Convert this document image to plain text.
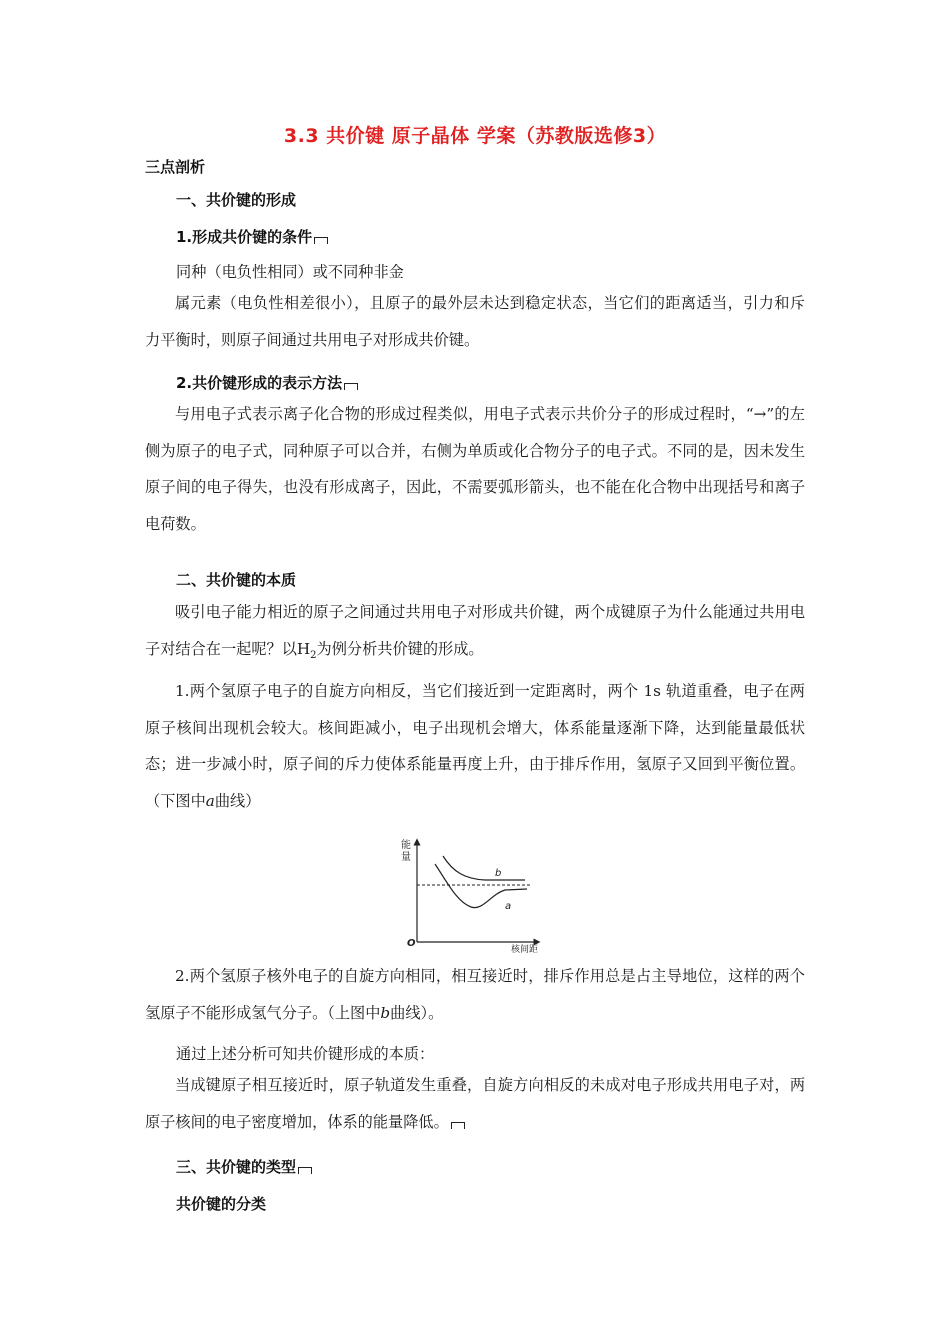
3.3 共价键 原子晶体 学案（苏教版选修3）
三点剖析
一、共价键的形成
1.形成共价键的条件
同种（电负性相同）或不同种非金
属元素（电负性相差很小），且原子的最外层未达到稳定状态，当它们的距离适当，引力和斥力平衡时，则原子间通过共用电子对形成共价键。
2.共价键形成的表示方法
与用电子式表示离子化合物的形成过程类似，用电子式表示共价分子的形成过程时，“→”的左侧为原子的电子式，同种原子可以合并，右侧为单质或化合物分子的电子式。不同的是，因未发生原子间的电子得失，也没有形成离子，因此，不需要弧形箭头，也不能在化合物中出现括号和离子电荷数。
二、共价键的本质
吸引电子能力相近的原子之间通过共用电子对形成共价键，两个成键原子为什么能通过共用电子对结合在一起呢？以$H_2$为例分析共价键的形成。
1.两个氢原子电子的自旋方向相反，当它们接近到一定距离时，两个 1s 轨道重叠，电子在两原子核间出现机会较大。核间距减小，电子出现机会增大，体系能量逐渐下降，达到能量最低状态；进一步减小时，原子间的斥力使体系能量再度上升，由于排斥作用，氢原子又回到平衡位置。（下图中a曲线）
能
量
b
a
O
核间距
2.两个氢原子核外电子的自旋方向相同，相互接近时，排斥作用总是占主导地位，这样的两个氢原子不能形成氢气分子。（上图中b曲线）。
通过上述分析可知共价键形成的本质：
当成键原子相互接近时，原子轨道发生重叠，自旋方向相反的未成对电子形成共用电子对，两原子核间的电子密度增加，体系的能量降低。
三、共价键的类型
共价键的分类
